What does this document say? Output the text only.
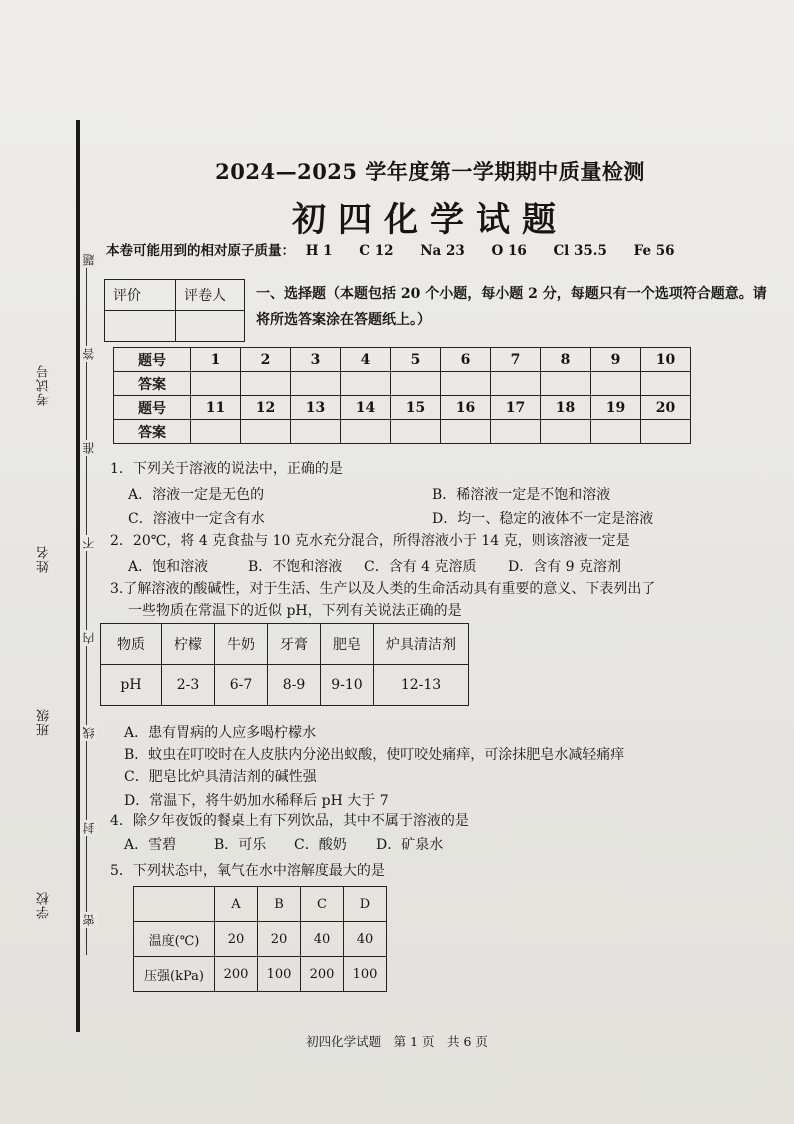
考试号
姓名
班级
学校
题
答
准
不
内
线
封
密
2024—2025 学年度第一学期期中质量检测
初四化学试题
本卷可能用到的相对原子质量： H 1 C 12 Na 23 O 16 Cl 35.5 Fe 56
评价	评卷人
	一、选择题（本题包括 20 个小题，每小题 2 分，每题只有一个选项符合题意。请将所选答案涂在答题纸上。）
题号	1	2	3	4	5	6	7	8	9	10
答案										
题号	11	12	13	14	15	16	17	18	19	20
答案										
1．下列关于溶液的说法中，正确的是
A．溶液一定是无色的	B．稀溶液一定是不饱和溶液
C．溶液中一定含有水	D．均一、稳定的液体不一定是溶液
2．20℃，将 4 克食盐与 10 克水充分混合，所得溶液小于 14 克，则该溶液一定是
A．饱和溶液	B．不饱和溶液 C．含有 4 克溶质 D．含有 9 克溶剂
3.了解溶液的酸碱性，对于生活、生产以及人类的生命活动具有重要的意义、下表列出了
一些物质在常温下的近似 pH，下列有关说法正确的是
物质	柠檬	牛奶	牙膏	肥皂	炉具清洁剂
pH	2-3	6-7	8-9	9-10	12-13
A．患有胃病的人应多喝柠檬水
B．蚊虫在叮咬时在人皮肤内分泌出蚁酸，使叮咬处痛痒，可涂抹肥皂水减轻痛痒
C．肥皂比炉具清洁剂的碱性强
D．常温下，将牛奶加水稀释后 pH 大于 7
4．除夕年夜饭的餐桌上有下列饮品，其中不属于溶液的是
A．雪碧	B．可乐 C．酸奶 D．矿泉水
5．下列状态中，氧气在水中溶解度最大的是
	A	B	C	D
温度(℃)	20	20	40	40
压强(kPa)	200	100	200	100
初四化学试题　第 1 页　共 6 页
